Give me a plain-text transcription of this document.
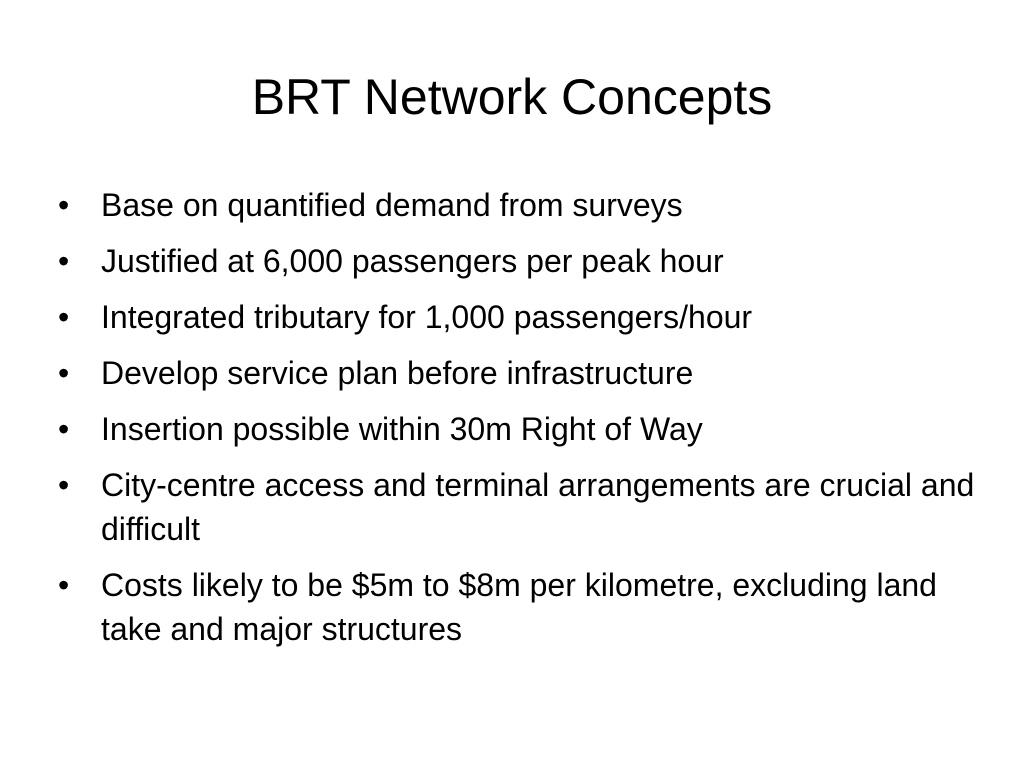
BRT Network Concepts
• Base on quantified demand from surveys
• Justified at 6,000 passengers per peak hour
• Integrated tributary for 1,000 passengers/hour
• Develop service plan before infrastructure
• Insertion possible within 30m Right of Way
• City-centre access and terminal arrangements are crucial and difficult
• Costs likely to be $5m to $8m per kilometre, excluding land take and major structures
